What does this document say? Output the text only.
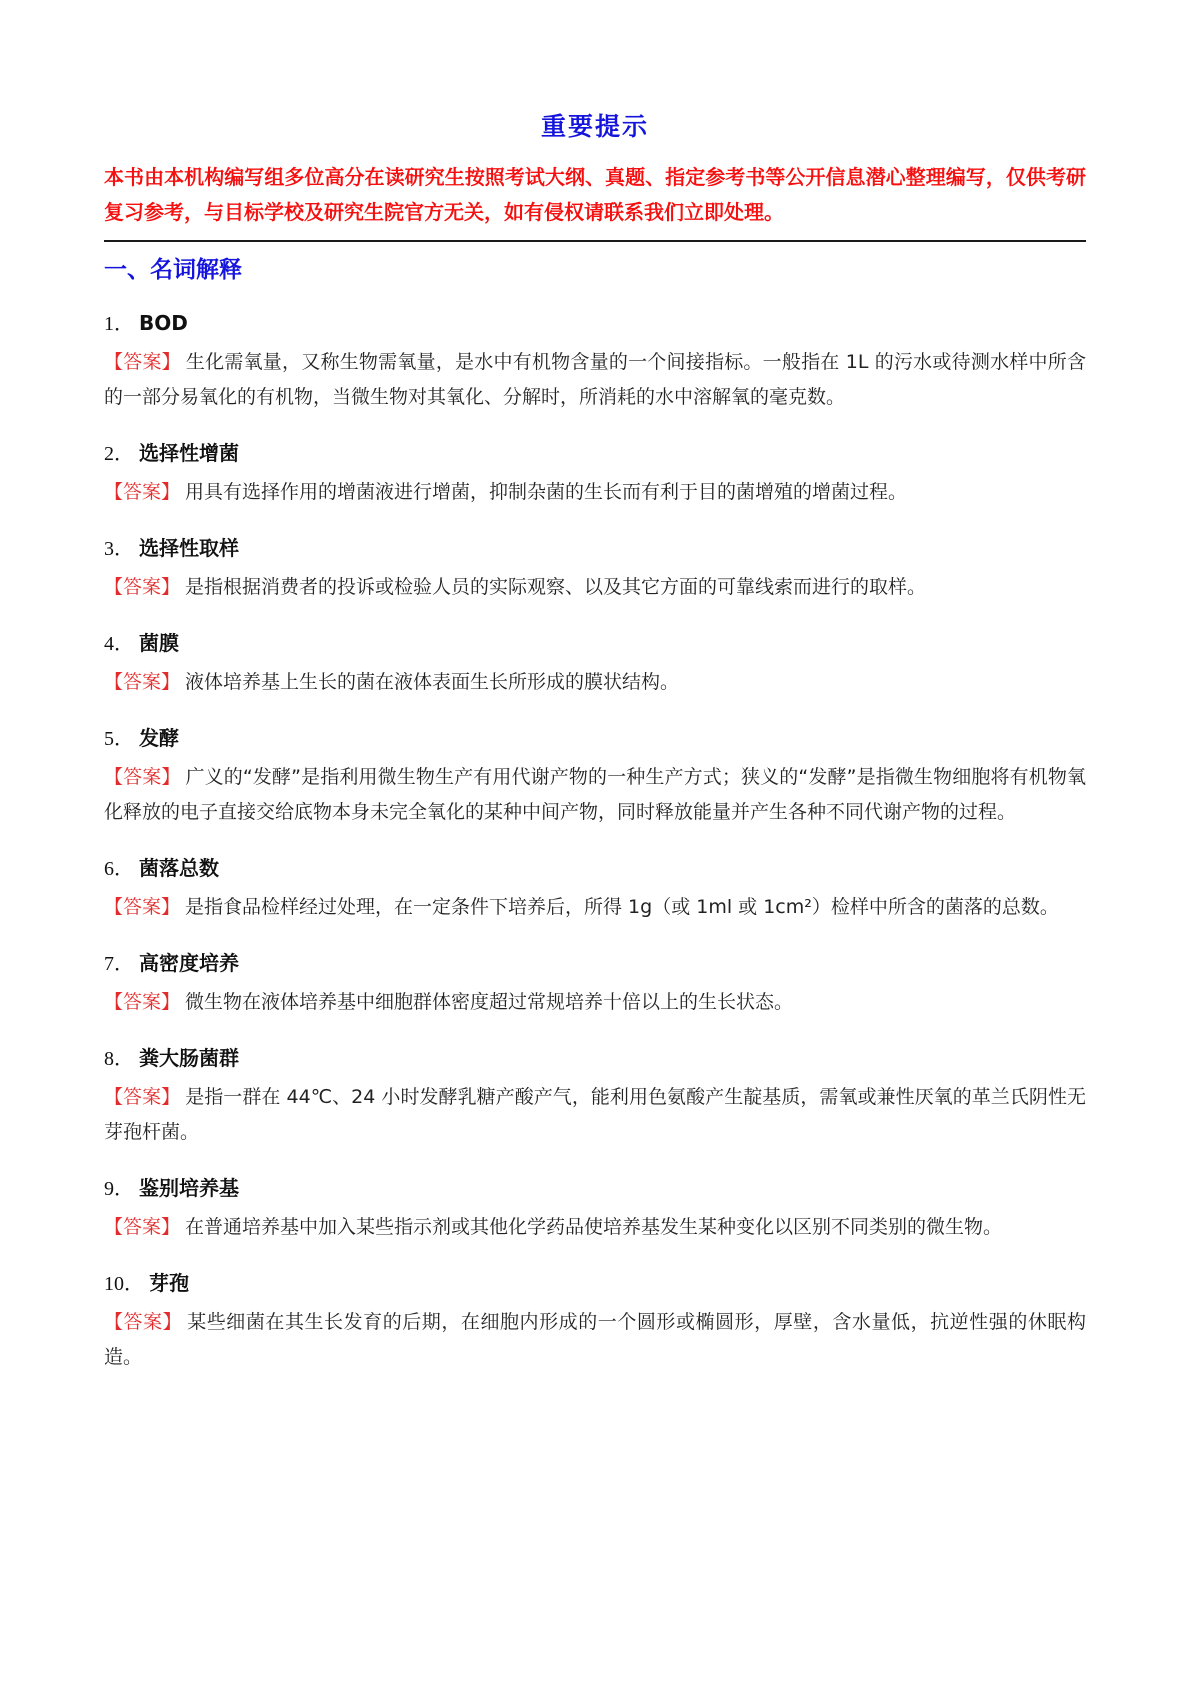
重要提示
本书由本机构编写组多位高分在读研究生按照考试大纲、真题、指定参考书等公开信息潜心整理编写，仅供考研复习参考，与目标学校及研究生院官方无关，如有侵权请联系我们立即处理。
一、名词解释
1． BOD
【答案】 生化需氧量，又称生物需氧量，是水中有机物含量的一个间接指标。一般指在 1L 的污水或待测水样中所含的一部分易氧化的有机物，当微生物对其氧化、分解时，所消耗的水中溶解氧的毫克数。
2． 选择性增菌
【答案】 用具有选择作用的增菌液进行增菌，抑制杂菌的生长而有利于目的菌增殖的增菌过程。
3． 选择性取样
【答案】 是指根据消费者的投诉或检验人员的实际观察、以及其它方面的可靠线索而进行的取样。
4． 菌膜
【答案】 液体培养基上生长的菌在液体表面生长所形成的膜状结构。
5． 发酵
【答案】 广义的“发酵”是指利用微生物生产有用代谢产物的一种生产方式；狭义的“发酵”是指微生物细胞将有机物氧化释放的电子直接交给底物本身未完全氧化的某种中间产物，同时释放能量并产生各种不同代谢产物的过程。
6． 菌落总数
【答案】 是指食品检样经过处理，在一定条件下培养后，所得 1g（或 1ml 或 1cm²）检样中所含的菌落的总数。
7． 高密度培养
【答案】 微生物在液体培养基中细胞群体密度超过常规培养十倍以上的生长状态。
8． 粪大肠菌群
【答案】 是指一群在 44℃、24 小时发酵乳糖产酸产气，能利用色氨酸产生靛基质，需氧或兼性厌氧的革兰氏阴性无芽孢杆菌。
9． 鉴别培养基
【答案】 在普通培养基中加入某些指示剂或其他化学药品使培养基发生某种变化以区别不同类别的微生物。
10． 芽孢
【答案】 某些细菌在其生长发育的后期，在细胞内形成的一个圆形或椭圆形，厚壁，含水量低，抗逆性强的休眠构造。
